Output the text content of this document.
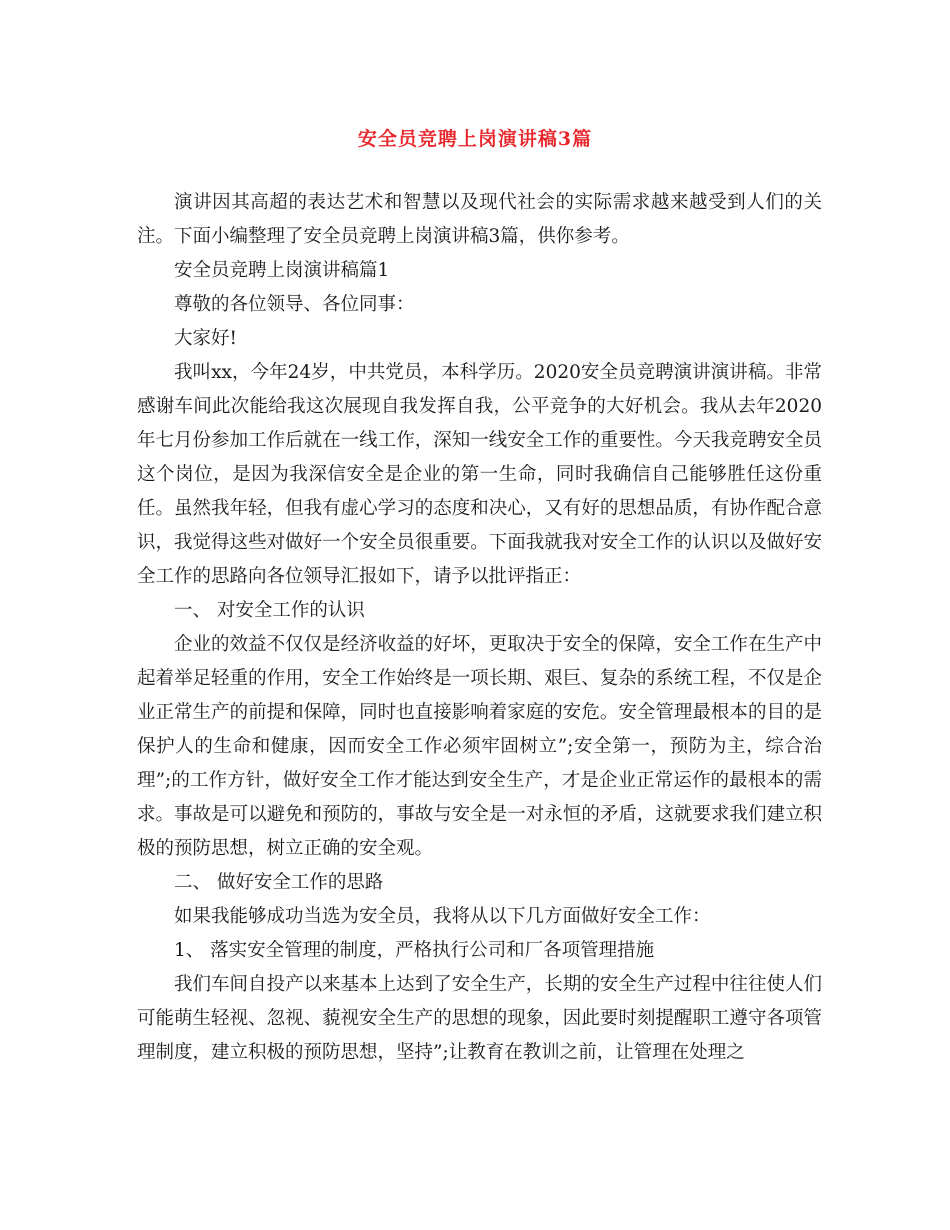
安全员竞聘上岗演讲稿3篇

演讲因其高超的表达艺术和智慧以及现代社会的实际需求越来越受到人们的关注。下面小编整理了安全员竞聘上岗演讲稿3篇，供你参考。

安全员竞聘上岗演讲稿篇1

尊敬的各位领导、各位同事：

大家好!

我叫xx，今年24岁，中共党员，本科学历。2020安全员竞聘演讲演讲稿。非常感谢车间此次能给我这次展现自我发挥自我，公平竞争的大好机会。我从去年2020年七月份参加工作后就在一线工作，深知一线安全工作的重要性。今天我竞聘安全员这个岗位，是因为我深信安全是企业的第一生命，同时我确信自己能够胜任这份重任。虽然我年轻，但我有虚心学习的态度和决心，又有好的思想品质，有协作配合意识，我觉得这些对做好一个安全员很重要。下面我就我对安全工作的认识以及做好安全工作的思路向各位领导汇报如下，请予以批评指正：

一、 对安全工作的认识

企业的效益不仅仅是经济收益的好坏，更取决于安全的保障，安全工作在生产中起着举足轻重的作用，安全工作始终是一项长期、艰巨、复杂的系统工程，不仅是企业正常生产的前提和保障，同时也直接影响着家庭的安危。安全管理最根本的目的是保护人的生命和健康，因而安全工作必须牢固树立”;安全第一，预防为主，综合治理”;的工作方针，做好安全工作才能达到安全生产，才是企业正常运作的最根本的需求。事故是可以避免和预防的，事故与安全是一对永恒的矛盾，这就要求我们建立积极的预防思想，树立正确的安全观。

二、 做好安全工作的思路

如果我能够成功当选为安全员，我将从以下几方面做好安全工作：

1、 落实安全管理的制度，严格执行公司和厂各项管理措施

我们车间自投产以来基本上达到了安全生产，长期的安全生产过程中往往使人们可能萌生轻视、忽视、藐视安全生产的思想的现象，因此要时刻提醒职工遵守各项管理制度，建立积极的预防思想，坚持”;让教育在教训之前，让管理在处理之
